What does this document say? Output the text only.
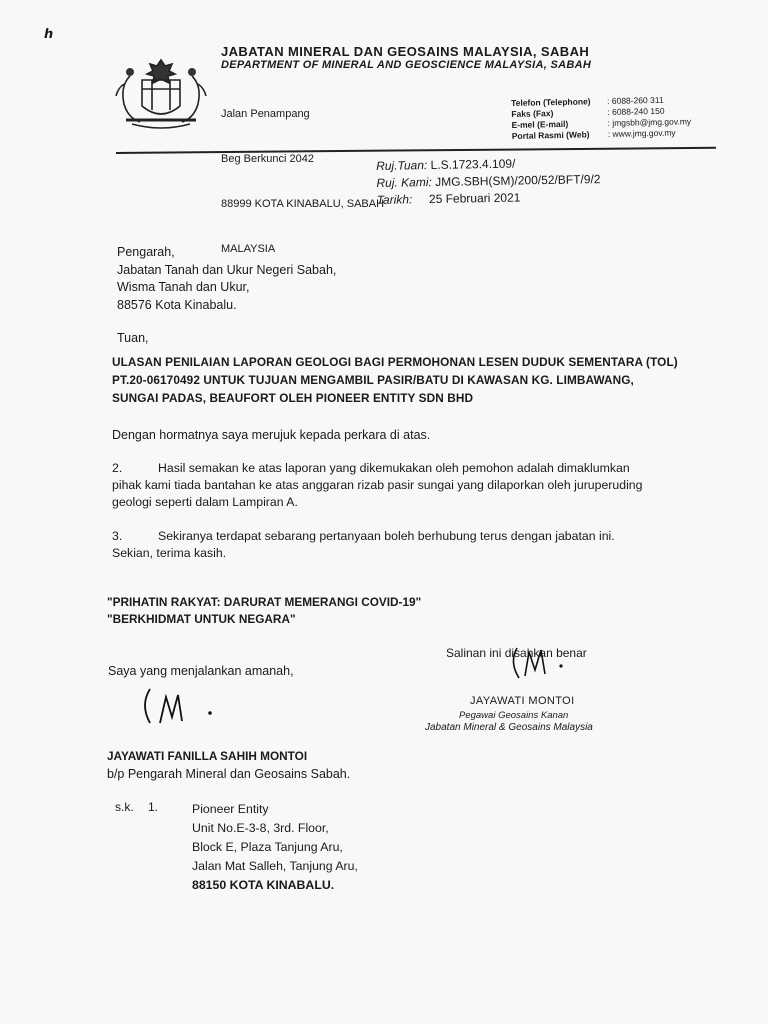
ℎ
JABATAN MINERAL DAN GEOSAINS MALAYSIA, SABAH
DEPARTMENT OF MINERAL AND GEOSCIENCE MALAYSIA, SABAH

Jalan Penampang

Beg Berkunci 2042

88999 KOTA KINABALU, SABAH

MALAYSIA

Telefon (Telephone) : 6088-260 311
Faks (Fax)	: 6088-240 150
E-mel (E-mail)	: jmgsbh@jmg.gov.my
Portal Rasmi (Web) : www.jmg.gov.my
Ruj.Tuan: L.S.1723.4.109/
Ruj. Kami: JMG.SBH(SM)/200/52/BFT/9/2
Tarikh: 25 Februari 2021
Pengarah,
Jabatan Tanah dan Ukur Negeri Sabah,
Wisma Tanah dan Ukur,
88576 Kota Kinabalu.
Tuan,
ULASAN PENILAIAN LAPORAN GEOLOGI BAGI PERMOHONAN LESEN DUDUK SEMENTARA (TOL)
PT.20-06170492 UNTUK TUJUAN MENGAMBIL PASIR/BATU DI KAWASAN KG. LIMBAWANG,
SUNGAI PADAS, BEAUFORT OLEH PIONEER ENTITY SDN BHD
Dengan hormatnya saya merujuk kepada perkara di atas.
2.	Hasil semakan ke atas laporan yang dikemukakan oleh pemohon adalah dimaklumkan
pihak kami tiada bantahan ke atas anggaran rizab pasir sungai yang dilaporkan oleh juruperuding
geologi seperti dalam Lampiran A.
3.	Sekiranya terdapat sebarang pertanyaan boleh berhubung terus dengan jabatan ini.
Sekian, terima kasih.
"PRIHATIN RAKYAT: DARURAT MEMERANGI COVID-19"
"BERKHIDMAT UNTUK NEGARA"
Saya yang menjalankan amanah,
JAYAWATI FANILLA SAHIH MONTOI
b/p Pengarah Mineral dan Geosains Sabah.
Salinan ini disahkan benar
JAYAWATI MONTOI
Pegawai Geosains Kanan
Jabatan Mineral & Geosains Malaysia
s.k. 1.	Pioneer Entity
Unit No.E-3-8, 3rd. Floor,
Block E, Plaza Tanjung Aru,
Jalan Mat Salleh, Tanjung Aru,
88150 KOTA KINABALU.
